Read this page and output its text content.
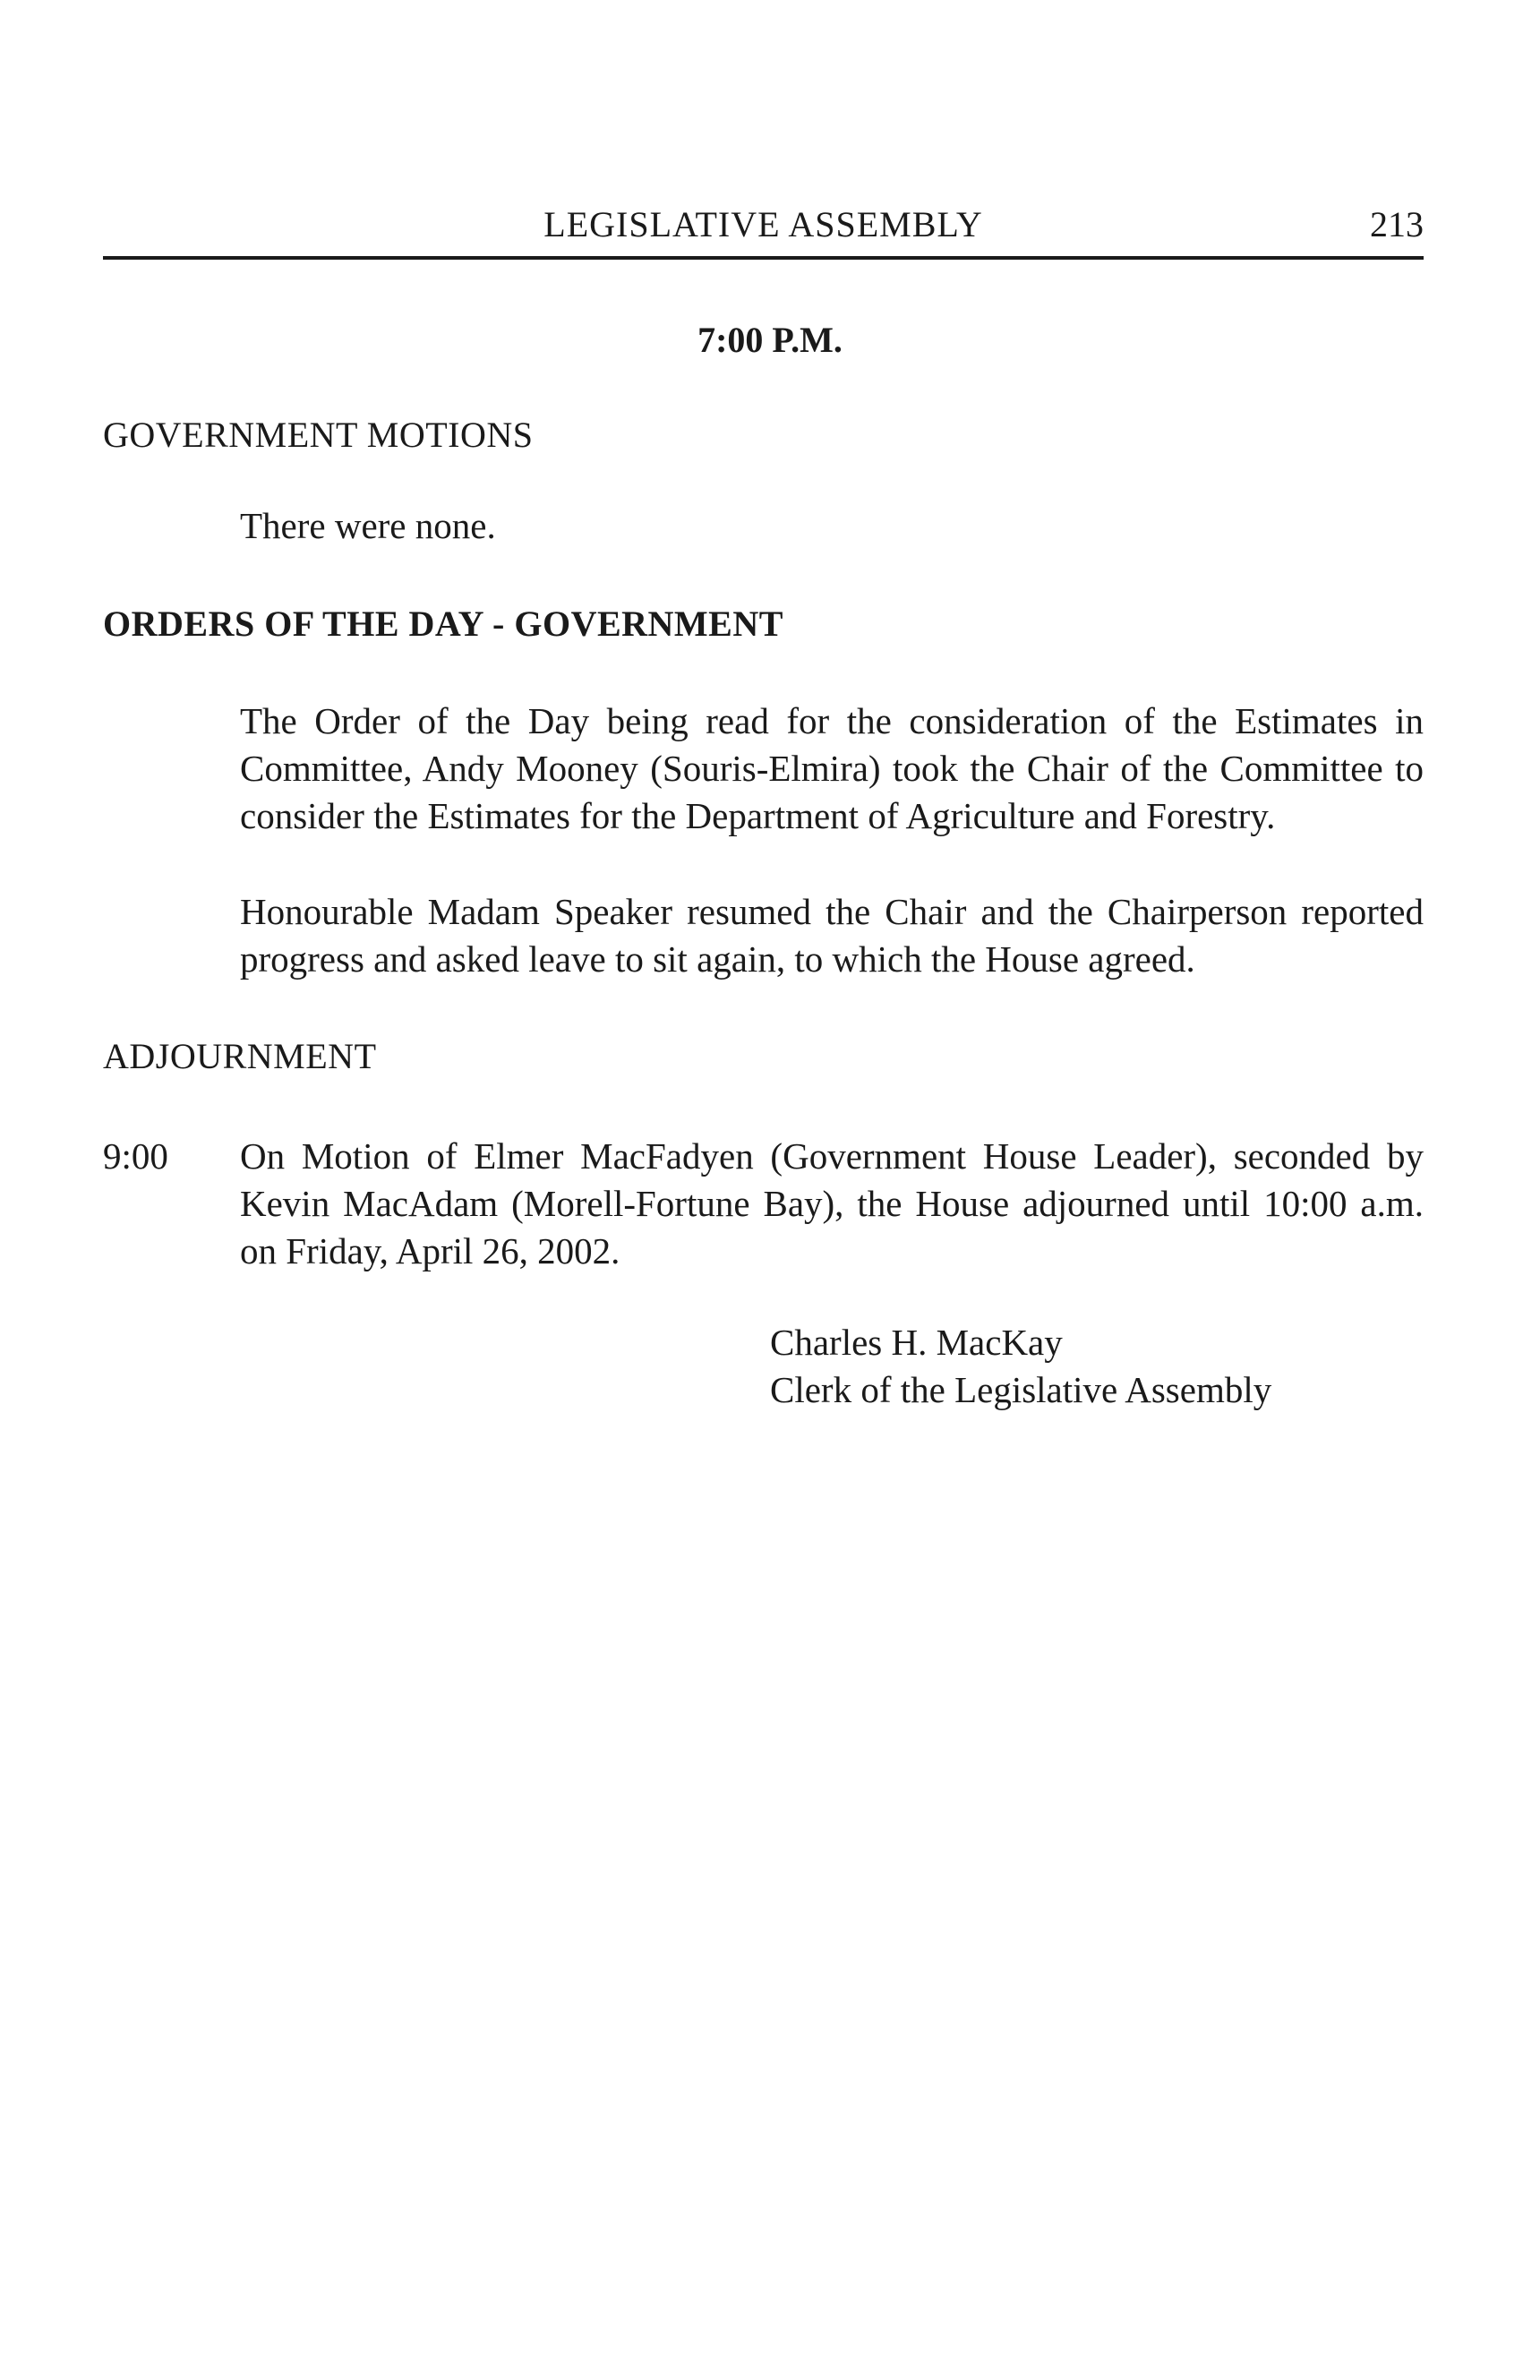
LEGISLATIVE ASSEMBLY	213
7:00 P.M.
GOVERNMENT MOTIONS
There were none.
ORDERS OF THE DAY - GOVERNMENT
The Order of the Day being read for the consideration of the Estimates in Committee, Andy Mooney (Souris-Elmira) took the Chair of the Committee to consider the Estimates for the Department of Agriculture and Forestry.
Honourable Madam Speaker resumed the Chair and the Chairperson reported progress and asked leave to sit again, to which the House agreed.
ADJOURNMENT
9:00 On Motion of Elmer MacFadyen (Government House Leader), seconded by Kevin MacAdam (Morell-Fortune Bay), the House adjourned until 10:00 a.m. on Friday, April 26, 2002.
Charles H. MacKay
Clerk of the Legislative Assembly
